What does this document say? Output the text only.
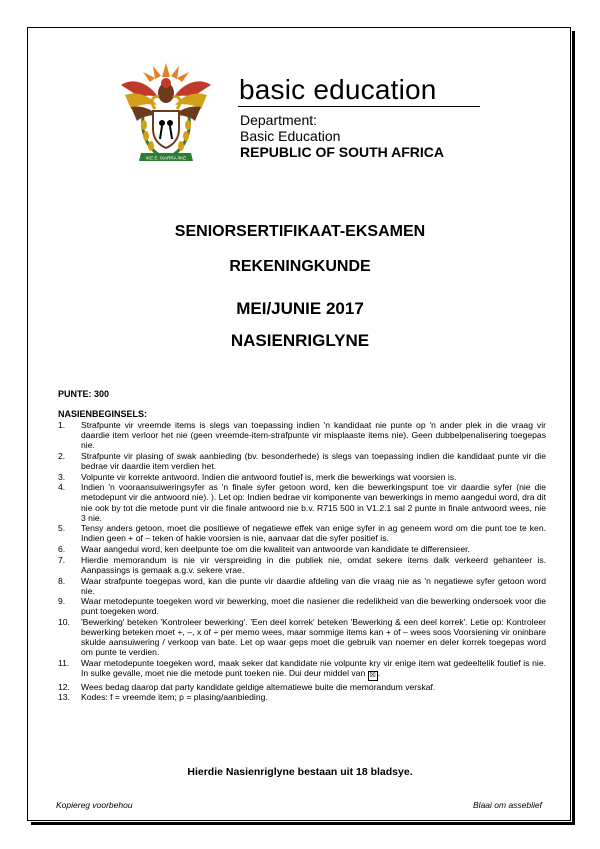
!KE E: /XARRA //KE
basic education
Department:
Basic Education
REPUBLIC OF SOUTH AFRICA
SENIORSERTIFIKAAT-EKSAMEN
REKENINGKUNDE
MEI/JUNIE 2017
NASIENRIGLYNE
PUNTE: 300
NASIENBEGINSELS:
1.	Strafpunte vir vreemde items is slegs van toepassing indien 'n kandidaat nie punte op 'n ander plek in die vraag vir daardie item verloor het nie (geen vreemde-item-strafpunte vir misplaaste items nie). Geen dubbelpenalisering toegepas nie.
2.	Strafpunte vir plasing of swak aanbieding (bv. besonderhede) is slegs van toepassing indien die kandidaat punte vir die bedrae vir daardie item verdien het.
3.	Volpunte vir korrekte antwoord. Indien die antwoord foutief is, merk die bewerkings wat voorsien is.
4.	Indien 'n vooraansuiweringsyfer as 'n finale syfer getoon word, ken die bewerkingspunt toe vir daardie syfer (nie die metodepunt vir die antwoord nie). ). Let op: Indien bedrae vir komponente van bewerkings in memo aangedui word, dra dit nie ook by tot die metode punt vir die finale antwoord nie b.v. R715 500 in V1.2.1 sal 2 punte in finale antwoord wees, nie 3 nie.
5.	Tensy anders getoon, moet die positiewe of negatiewe effek van enige syfer in ag geneem word om die punt toe te ken. Indien geen + of – teken of hakie voorsien is nie, aanvaar dat die syfer positief is.
6.	Waar aangedui word, ken deelpunte toe om die kwaliteit van antwoorde van kandidate te differensieer.
7.	Hierdie memorandum is nie vir verspreiding in die publiek nie, omdat sekere items dalk verkeerd gehanteer is. Aanpassings is gemaak a.g.v. sekere vrae.
8.	Waar strafpunte toegepas word, kan die punte vir daardie afdeling van die vraag nie as 'n negatiewe syfer getoon word nie.
9.	Waar metodepunte toegeken word vir bewerking, moet die nasiener die redelikheid van die bewerking ondersoek voor die punt toegeken word.
10.	'Bewerking' beteken 'Kontroleer bewerking'. 'Een deel korrek' beteken 'Bewerking & een deel korrek'. Letie op: Kontroleer bewerking beteken moet +, –, x of ÷ per memo wees, maar sommige items kan + of – wees soos Voorsiening vir oninbare skulde aansuiwering / verkoop van bate. Let op waar geps moet die gebruik van noemer en deler korrek toegepas word om punte te verdien.
11.	Waar metodepunte toegeken word, maak seker dat kandidate nie volpunte kry vir enige item wat gedeeltelik foutief is nie. In sulke gevalle, moet nie die metode punt toeken nie. Dui deur middel van ☒ .
12.	Wees bedag daarop dat party kandidate geldige alternatiewe buite die memorandum verskaf.
13.	Kodes: f = vreemde item; p = plasing/aanbieding.
Hierdie Nasienriglyne bestaan uit 18 bladsye.
Kopiereg voorbehou	Blaai om asseblief
